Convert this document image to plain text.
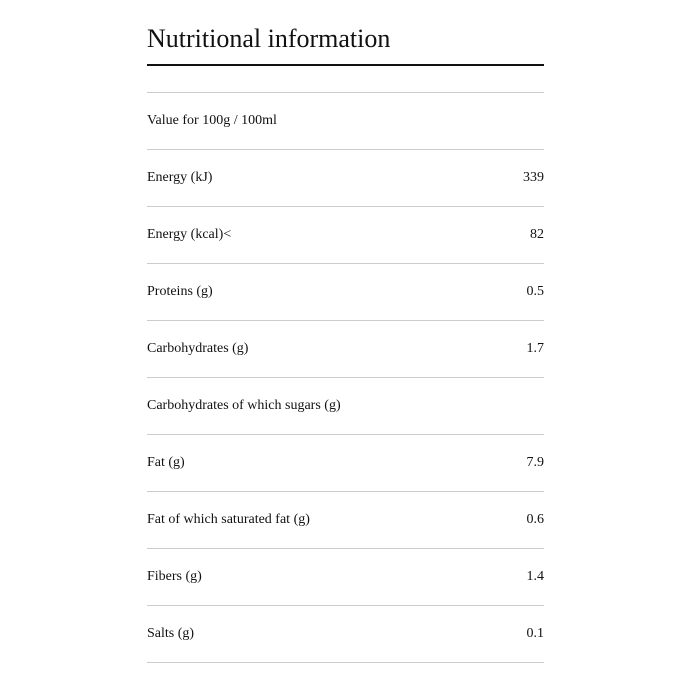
Nutritional information
Value for 100g / 100ml
Energy (kJ)	339
Energy (kcal)<	82
Proteins (g)	0.5
Carbohydrates (g)	1.7
Carbohydrates of which sugars (g)
Fat (g)	7.9
Fat of which saturated fat (g)	0.6
Fibers (g)	1.4
Salts (g)	0.1
